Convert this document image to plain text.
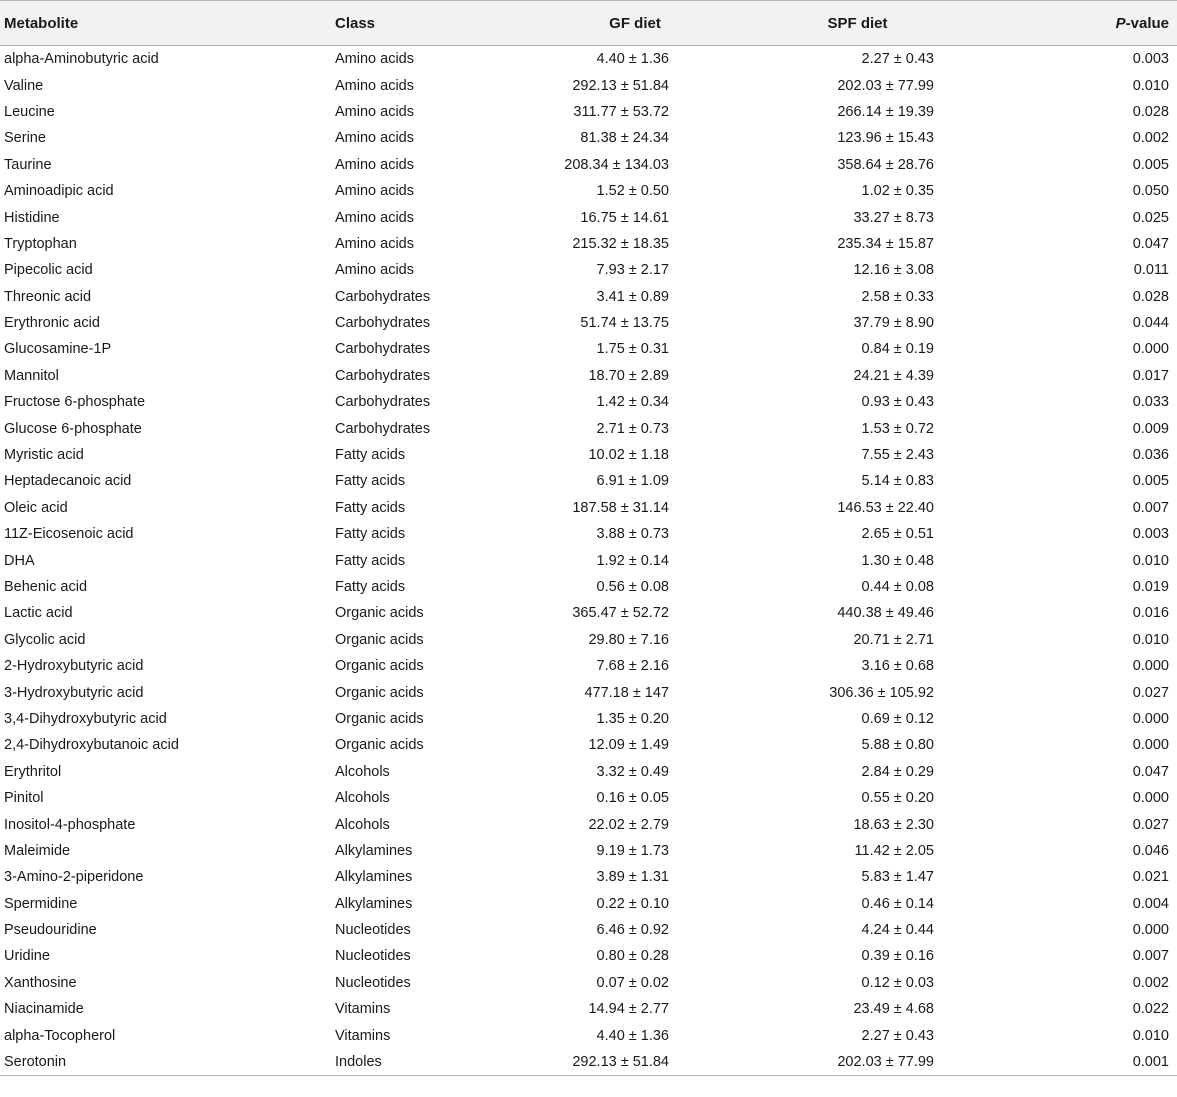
Metabolite	Class	GF diet	SPF diet	P-value
alpha-Aminobutyric acid	Amino acids	4.40 ± 1.36	2.27 ± 0.43	0.003
Valine	Amino acids	292.13 ± 51.84	202.03 ± 77.99	0.010
Leucine	Amino acids	311.77 ± 53.72	266.14 ± 19.39	0.028
Serine	Amino acids	81.38 ± 24.34	123.96 ± 15.43	0.002
Taurine	Amino acids	208.34 ± 134.03	358.64 ± 28.76	0.005
Aminoadipic acid	Amino acids	1.52 ± 0.50	1.02 ± 0.35	0.050
Histidine	Amino acids	16.75 ± 14.61	33.27 ± 8.73	0.025
Tryptophan	Amino acids	215.32 ± 18.35	235.34 ± 15.87	0.047
Pipecolic acid	Amino acids	7.93 ± 2.17	12.16 ± 3.08	0.011
Threonic acid	Carbohydrates	3.41 ± 0.89	2.58 ± 0.33	0.028
Erythronic acid	Carbohydrates	51.74 ± 13.75	37.79 ± 8.90	0.044
Glucosamine-1P	Carbohydrates	1.75 ± 0.31	0.84 ± 0.19	0.000
Mannitol	Carbohydrates	18.70 ± 2.89	24.21 ± 4.39	0.017
Fructose 6-phosphate	Carbohydrates	1.42 ± 0.34	0.93 ± 0.43	0.033
Glucose 6-phosphate	Carbohydrates	2.71 ± 0.73	1.53 ± 0.72	0.009
Myristic acid	Fatty acids	10.02 ± 1.18	7.55 ± 2.43	0.036
Heptadecanoic acid	Fatty acids	6.91 ± 1.09	5.14 ± 0.83	0.005
Oleic acid	Fatty acids	187.58 ± 31.14	146.53 ± 22.40	0.007
11Z-Eicosenoic acid	Fatty acids	3.88 ± 0.73	2.65 ± 0.51	0.003
DHA	Fatty acids	1.92 ± 0.14	1.30 ± 0.48	0.010
Behenic acid	Fatty acids	0.56 ± 0.08	0.44 ± 0.08	0.019
Lactic acid	Organic acids	365.47 ± 52.72	440.38 ± 49.46	0.016
Glycolic acid	Organic acids	29.80 ± 7.16	20.71 ± 2.71	0.010
2-Hydroxybutyric acid	Organic acids	7.68 ± 2.16	3.16 ± 0.68	0.000
3-Hydroxybutyric acid	Organic acids	477.18 ± 147	306.36 ± 105.92	0.027
3,4-Dihydroxybutyric acid	Organic acids	1.35 ± 0.20	0.69 ± 0.12	0.000
2,4-Dihydroxybutanoic acid	Organic acids	12.09 ± 1.49	5.88 ± 0.80	0.000
Erythritol	Alcohols	3.32 ± 0.49	2.84 ± 0.29	0.047
Pinitol	Alcohols	0.16 ± 0.05	0.55 ± 0.20	0.000
Inositol-4-phosphate	Alcohols	22.02 ± 2.79	18.63 ± 2.30	0.027
Maleimide	Alkylamines	9.19 ± 1.73	11.42 ± 2.05	0.046
3-Amino-2-piperidone	Alkylamines	3.89 ± 1.31	5.83 ± 1.47	0.021
Spermidine	Alkylamines	0.22 ± 0.10	0.46 ± 0.14	0.004
Pseudouridine	Nucleotides	6.46 ± 0.92	4.24 ± 0.44	0.000
Uridine	Nucleotides	0.80 ± 0.28	0.39 ± 0.16	0.007
Xanthosine	Nucleotides	0.07 ± 0.02	0.12 ± 0.03	0.002
Niacinamide	Vitamins	14.94 ± 2.77	23.49 ± 4.68	0.022
alpha-Tocopherol	Vitamins	4.40 ± 1.36	2.27 ± 0.43	0.010
Serotonin	Indoles	292.13 ± 51.84	202.03 ± 77.99	0.001
